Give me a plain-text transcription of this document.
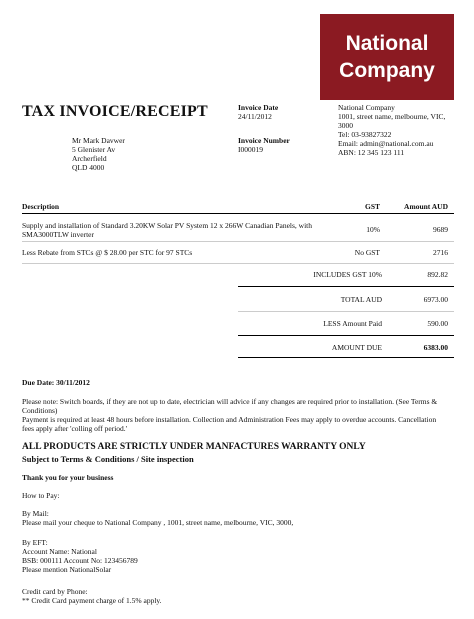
National
Company
TAX INVOICE/RECEIPT
Mr Mark Davwer
5 Glenister Av
Archerfield
QLD 4000
Invoice Date
24/11/2012
Invoice Number
I000019
National Company
1001, street name, melbourne, VIC,
3000
Tel: 03-93827322
Email: admin@national.com.au
ABN: 12 345 123 111
Description	GST	Amount AUD
Supply and installation of Standard 3.20KW Solar PV System 12 x 266W Canadian Panels, with
SMA3000TLW inverter
10%	9689
Less Rebate from STCs @ $ 28.00 per STC for 97 STCs	No GST	2716
INCLUDES GST 10%	892.82
TOTAL AUD	6973.00
LESS Amount Paid	590.00
AMOUNT DUE	6383.00
Due Date: 30/11/2012
Please note: Switch boards, if they are not up to date, electrician will advice if any changes are required prior to installation. (See Terms &
Conditions)
Payment is required at least 48 hours before installation. Collection and Administration Fees may apply to overdue accounts. Cancellation
fees apply after 'colling off period.'
ALL PRODUCTS ARE STRICTLY UNDER MANFACTURES WARRANTY ONLY
Subject to Terms & Conditions / Site inspection
Thank you for your business
How to Pay:
By Mail:
Please mail your cheque to National Company , 1001, street name, melbourne, VIC, 3000,
By EFT:
Account Name: National
BSB: 000111 Account No: 123456789
Please mention NationalSolar
Credit card by Phone:
** Credit Card payment charge of 1.5% apply.
